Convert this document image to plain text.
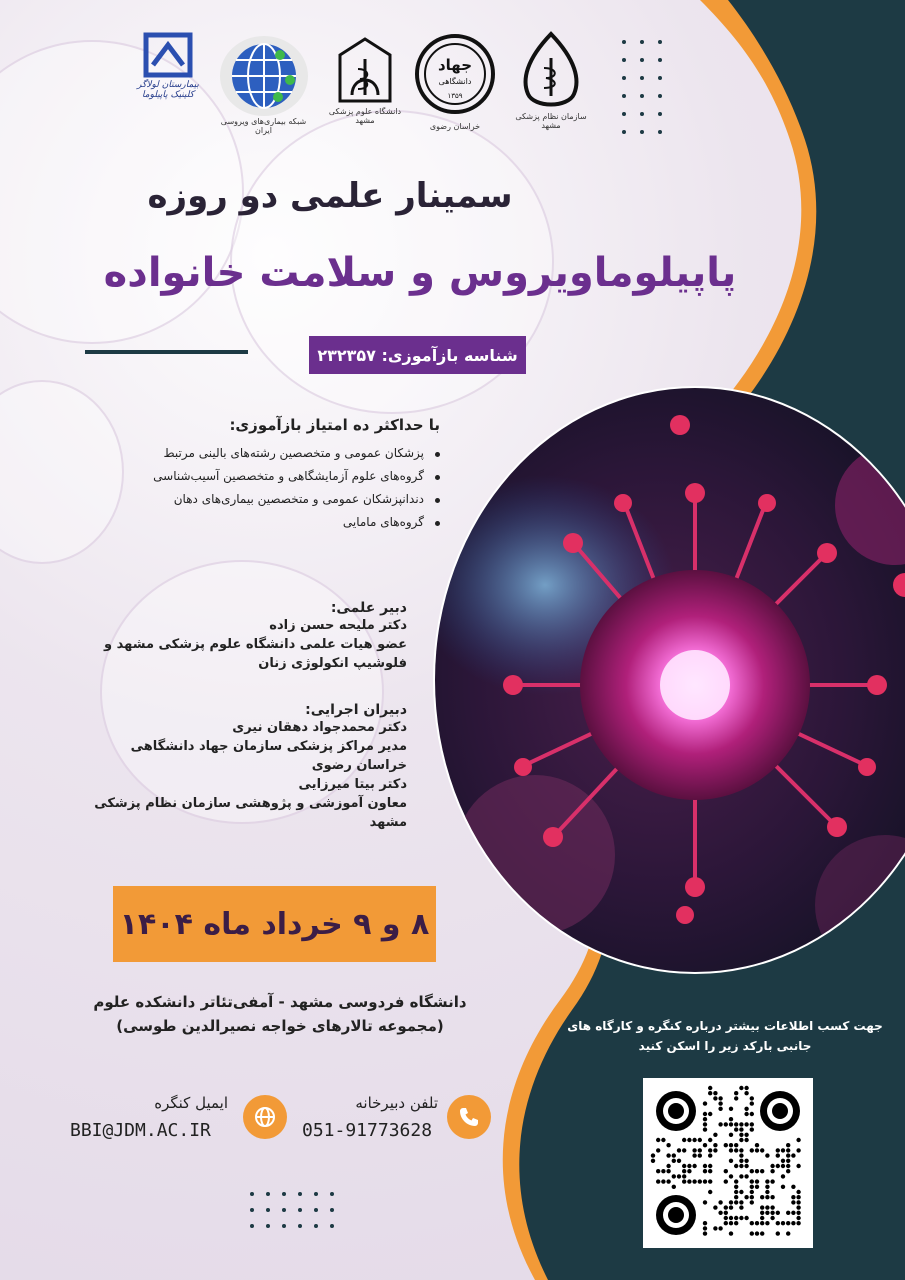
بیمارستان لولاگر
کلینیک پاپیلوما
شبکه بیماری‌های ویروسی ایران
دانشگاه علوم پزشکی مشهد
جهاد
دانشگاهی
۱۳۵۹
خراسان رضوی
سازمان نظام پزشکی مشهد
سمینار علمی دو روزه
پاپیلوماویروس و سلامت خانواده
شناسه بازآموزی: ۲۳۲۳۵۷
با حداکثر ده امتیاز بازآموزی:
پزشکان عمومی و متخصصین رشته‌های بالینی مرتبط
گروه‌های علوم آزمایشگاهی و متخصصین آسیب‌شناسی
دندانپزشکان عمومی و متخصصین بیماری‌های دهان
گروه‌های مامایی
دبیر علمی:
دکتر ملیحه حسن زاده
عضو هیات علمی دانشگاه علوم پزشکی مشهد و
فلوشیپ انکولوژی زنان
دبیران اجرایی:
دکتر محمدجواد دهقان نیری
مدیر مراکز پزشکی سازمان جهاد دانشگاهی
خراسان رضوی
دکتر بیتا میرزایی
معاون آموزشی و پژوهشی سازمان نظام پزشکی
مشهد
۸ و ۹ خرداد ماه ۱۴۰۴
دانشگاه فردوسی مشهد - آمفی‌تئاتر دانشکده علوم
(مجموعه تالارهای خواجه نصیرالدین طوسی)
تلفن دبیرخانه
051-91773628
ایمیل کنگره
BBI@JDM.AC.IR
جهت کسب اطلاعات بیشتر درباره کنگره و کارگاه های
جانبی بارکد زیر را اسکن کنید
